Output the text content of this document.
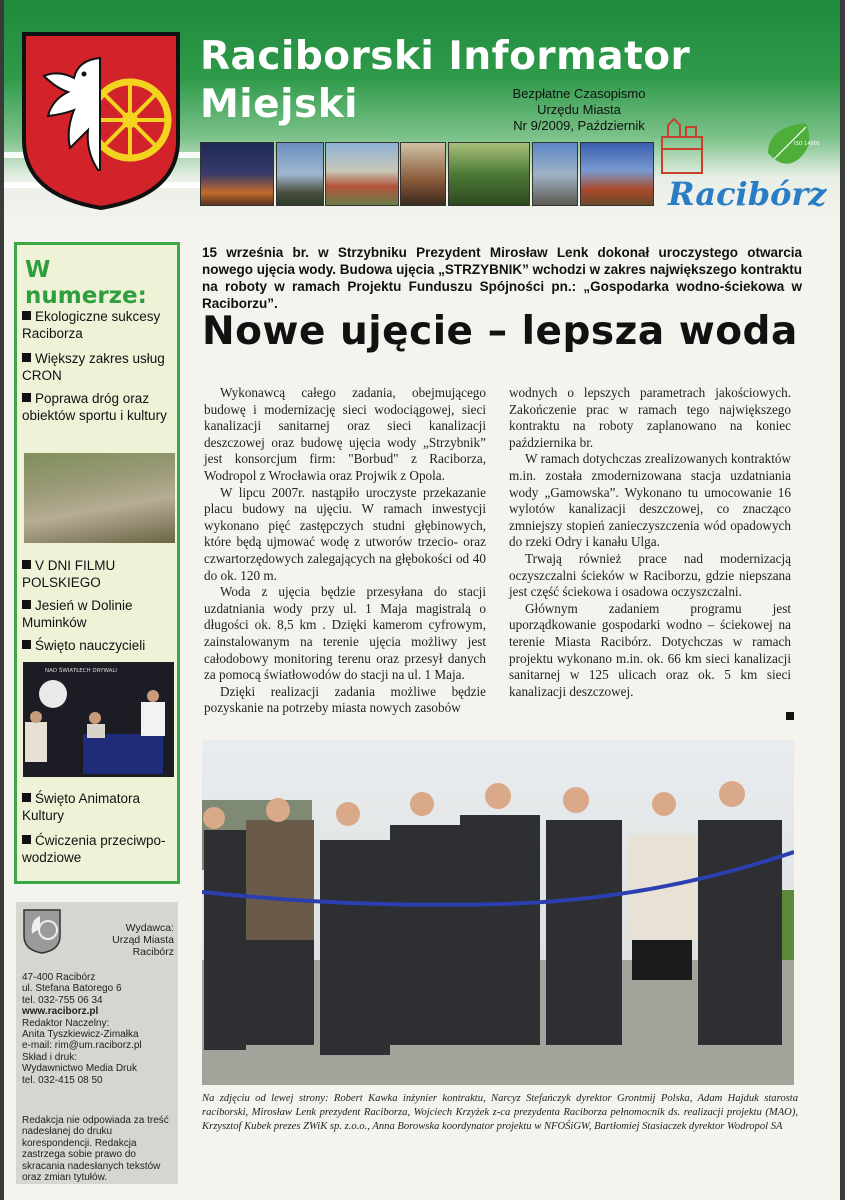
Raciborski Informator
Miejski	Bezpłatne Czasopismo
Urzędu Miasta
Nr 9/2009, Październik
ISO 14001
Racibórz
W numerze:
Ekologiczne sukcesy Raciborza
Większy zakres usług CRON
Poprawa dróg oraz obiektów sportu i kultury
V DNI FILMU POLSKIEGO
Jesień w Dolinie Muminków
Święto nauczycieli
NAD ŚWIATŁECH DRYWALI
Święto Animatora Kultury
Ćwiczenia przeciwpo-wodziowe
Wydawca:
Urząd Miasta Racibórz
47-400 Racibórz
ul. Stefana Batorego 6
tel. 032-755 06 34
www.raciborz.pl
Redaktor Naczelny:
Anita Tyszkiewicz-Zimałka
e-mail: rim@um.raciborz.pl
Skład i druk:
Wydawnictwo Media Druk
tel. 032-415 08 50
Redakcja nie odpowiada za treść nadesłanej do druku korespondencji. Redakcja zastrzega sobie prawo do skracania nadesłanych tekstów oraz zmian tytułów.
15 września br. w Strzybniku Prezydent Mirosław Lenk dokonał uroczystego otwarcia nowego ujęcia wody. Budowa ujęcia „STRZYBNIK” wchodzi w zakres największego kontraktu na roboty w ramach Projektu Funduszu Spójności pn.: „Gospodarka wodno-ściekowa w Raciborzu”.
Nowe ujęcie – lepsza woda

Wykonawcą całego zadania, obejmującego budowę i modernizację sieci wodociągowej, sieci kanalizacji sanitarnej oraz sieci kanalizacji deszczowej oraz budowę ujęcia wody „Strzybnik” jest konsorcjum firm: "Borbud" z Raciborza, Wodropol z Wrocławia oraz Projwik z Opola.

W lipcu 2007r. nastąpiło uroczyste przekazanie placu budowy na ujęciu. W ramach inwestycji wykonano pięć zastępczych studni głębinowych, które będą ujmować wodę z utworów trzecio- oraz czwartorzędowych zalegających na głębokości od 40 do ok. 120 m.

Woda z ujęcia będzie przesyłana do stacji uzdatniania wody przy ul. 1 Maja magistralą o długości ok. 8,5 km . Dzięki kamerom cyfrowym, zainstalowanym na terenie ujęcia możliwy jest całodobowy monitoring terenu oraz przesył danych za pomocą światłowodów do stacji na ul. 1 Maja.

Dzięki realizacji zadania możliwe będzie pozyskanie na potrzeby miasta nowych zasobów

wodnych o lepszych parametrach jakościowych. Zakończenie prac w ramach tego największego kontraktu na roboty zaplanowano na koniec października br.

W ramach dotychczas zrealizowanych kontraktów m.in. została zmodernizowana stacja uzdatniania wody „Gamowska”. Wykonano tu umocowanie 16 wylotów kanalizacji deszczowej, co znacząco zmniejszy stopień zanieczyszczenia wód opadowych do rzeki Odry i kanału Ulga.

Trwają również prace nad modernizacją oczyszczalni ścieków w Raciborzu, gdzie niepszana jest część ściekowa i osadowa oczyszczalni.

Głównym zadaniem programu jest uporządkowanie gospodarki wodno – ściekowej na terenie Miasta Racibórz. Dotychczas w ramach projektu wykonano m.in. ok. 66 km sieci kanalizacji sanitarnej w 125 ulicach oraz ok. 5 km sieci kanalizacji deszczowej.

Na zdjęciu od lewej strony: Robert Kawka inżynier kontraktu, Narcyz Stefańczyk dyrektor Grontmij Polska, Adam Hajduk starosta raciborski, Mirosław Lenk prezydent Raciborza, Wojciech Krzyżek z-ca prezydenta Raciborza pełnomocnik ds. realizacji projektu (MAO), Krzysztof Kubek prezes ZWiK sp. z.o.o., Anna Borowska koordynator projektu w NFOŚiGW, Bartłomiej Stasiaczek dyrektor Wodropol SA
